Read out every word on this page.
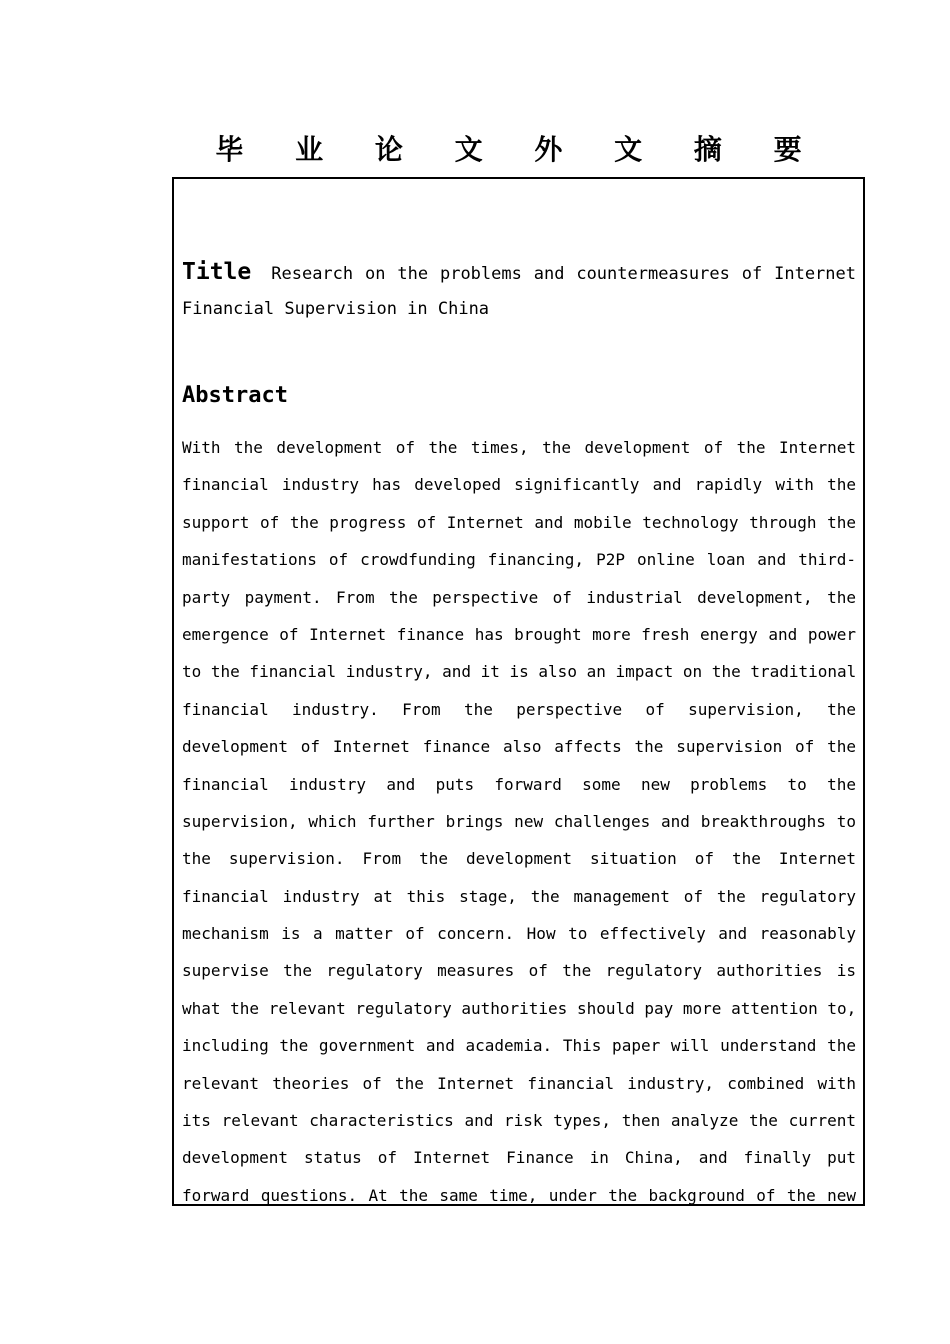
毕 业 论 文 外 文 摘 要
Title Research on the problems and countermeasures of Internet
Financial Supervision in China
Abstract
With the development of the times, the development of the Internet
financial industry has developed significantly and rapidly with the
support of the progress of Internet and mobile technology through the
manifestations of crowdfunding financing, P2P online loan and third-
party payment. From the perspective of industrial development, the
emergence of Internet finance has brought more fresh energy and power
to the financial industry, and it is also an impact on the traditional
financial industry. From the perspective of supervision, the
development of Internet finance also affects the supervision of the
financial industry and puts forward some new problems to the
supervision, which further brings new challenges and breakthroughs to
the supervision. From the development situation of the Internet
financial industry at this stage, the management of the regulatory
mechanism is a matter of concern. How to effectively and reasonably
supervise the regulatory measures of the regulatory authorities is
what the relevant regulatory authorities should pay more attention to,
including the government and academia. This paper will understand the
relevant theories of the Internet financial industry, combined with
its relevant characteristics and risk types, then analyze the current
development status of Internet Finance in China, and finally put
forward questions. At the same time, under the background of the new
